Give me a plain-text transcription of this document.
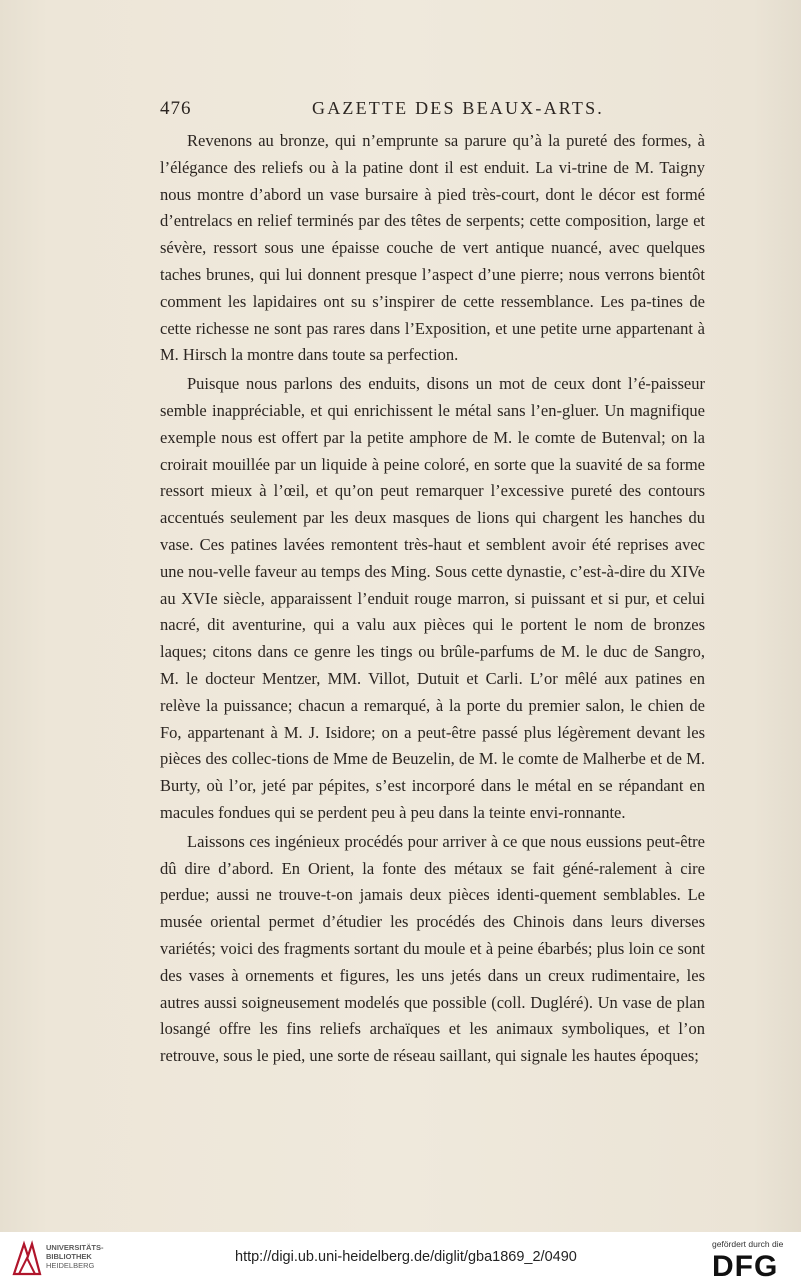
476	GAZETTE DES BEAUX-ARTS.

Revenons au bronze, qui n’emprunte sa parure qu’à la pureté des formes, à l’élégance des reliefs ou à la patine dont il est enduit. La vi-trine de M. Taigny nous montre d’abord un vase bursaire à pied très-court, dont le décor est formé d’entrelacs en relief terminés par des têtes de serpents; cette composition, large et sévère, ressort sous une épaisse couche de vert antique nuancé, avec quelques taches brunes, qui lui donnent presque l’aspect d’une pierre; nous verrons bientôt comment les lapidaires ont su s’inspirer de cette ressemblance. Les pa-tines de cette richesse ne sont pas rares dans l’Exposition, et une petite urne appartenant à M. Hirsch la montre dans toute sa perfection.

Puisque nous parlons des enduits, disons un mot de ceux dont l’é-paisseur semble inappréciable, et qui enrichissent le métal sans l’en-gluer. Un magnifique exemple nous est offert par la petite amphore de M. le comte de Butenval; on la croirait mouillée par un liquide à peine coloré, en sorte que la suavité de sa forme ressort mieux à l’œil, et qu’on peut remarquer l’excessive pureté des contours accentués seulement par les deux masques de lions qui chargent les hanches du vase. Ces patines lavées remontent très-haut et semblent avoir été reprises avec une nou-velle faveur au temps des Ming. Sous cette dynastie, c’est-à-dire du XIVe au XVIe siècle, apparaissent l’enduit rouge marron, si puissant et si pur, et celui nacré, dit aventurine, qui a valu aux pièces qui le portent le nom de bronzes laques; citons dans ce genre les tings ou brûle-parfums de M. le duc de Sangro, M. le docteur Mentzer, MM. Villot, Dutuit et Carli. L’or mêlé aux patines en relève la puissance; chacun a remarqué, à la porte du premier salon, le chien de Fo, appartenant à M. J. Isidore; on a peut-être passé plus légèrement devant les pièces des collec-tions de Mme de Beuzelin, de M. le comte de Malherbe et de M. Burty, où l’or, jeté par pépites, s’est incorporé dans le métal en se répandant en macules fondues qui se perdent peu à peu dans la teinte envi-ronnante.

Laissons ces ingénieux procédés pour arriver à ce que nous eussions peut-être dû dire d’abord. En Orient, la fonte des métaux se fait géné-ralement à cire perdue; aussi ne trouve-t-on jamais deux pièces identi-quement semblables. Le musée oriental permet d’étudier les procédés des Chinois dans leurs diverses variétés; voici des fragments sortant du moule et à peine ébarbés; plus loin ce sont des vases à ornements et figures, les uns jetés dans un creux rudimentaire, les autres aussi soigneusement modelés que possible (coll. Dugléré). Un vase de plan losangé offre les fins reliefs archaïques et les animaux symboliques, et l’on retrouve, sous le pied, une sorte de réseau saillant, qui signale les hautes époques;

UNIVERSITÄTS-
BIBLIOTHEK
HEIDELBERG
http://digi.ub.uni-heidelberg.de/diglit/gba1869_2/0490
gefördert durch die
DFG
